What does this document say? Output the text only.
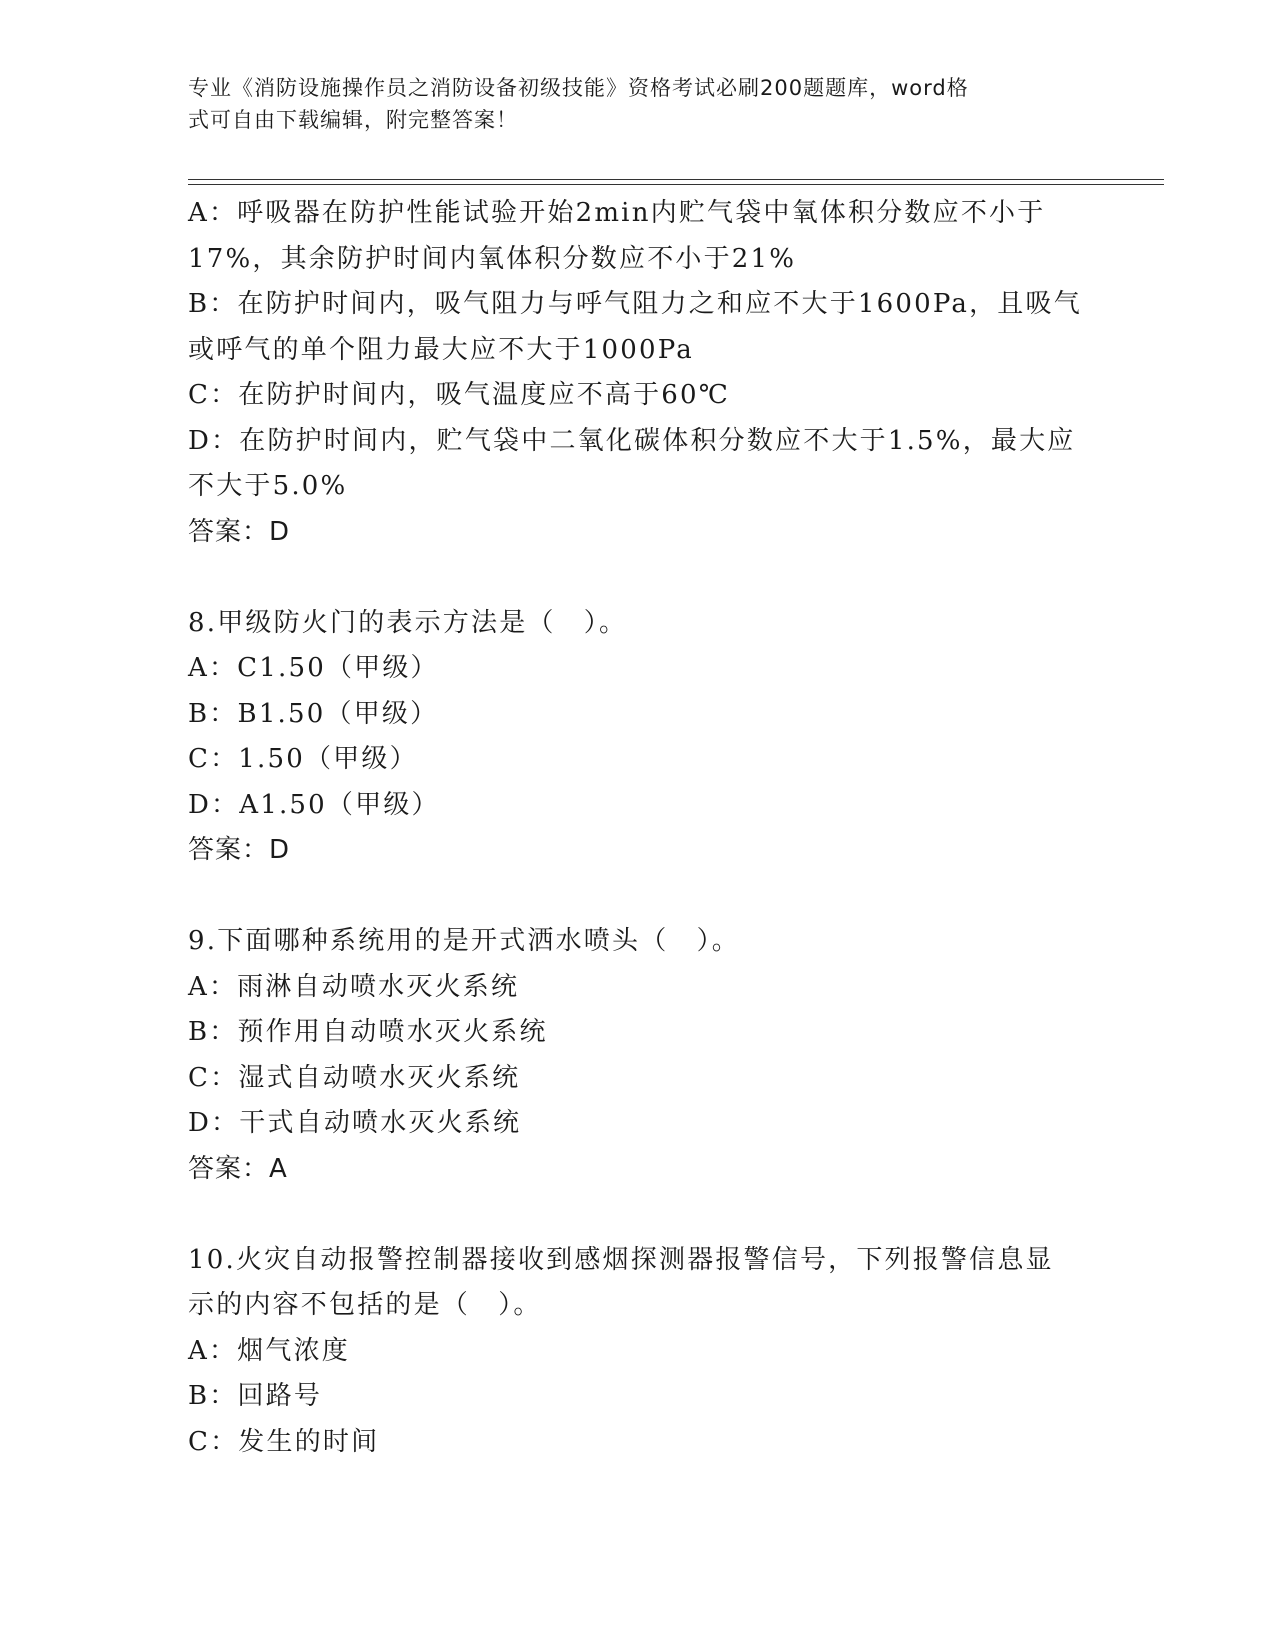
专业《消防设施操作员之消防设备初级技能》资格考试必刷200题题库，word格
式可自由下载编辑，附完整答案！
A：呼吸器在防护性能试验开始2min内贮气袋中氧体积分数应不小于
17%，其余防护时间内氧体积分数应不小于21%
B：在防护时间内，吸气阻力与呼气阻力之和应不大于1600Pa，且吸气
或呼气的单个阻力最大应不大于1000Pa
C：在防护时间内，吸气温度应不高于60℃
D：在防护时间内，贮气袋中二氧化碳体积分数应不大于1.5%，最大应
不大于5.0%
答案：D
8.甲级防火门的表示方法是（　）。
A：C1.50（甲级）
B：B1.50（甲级）
C：1.50（甲级）
D：A1.50（甲级）
答案：D
9.下面哪种系统用的是开式洒水喷头（　）。
A：雨淋自动喷水灭火系统
B：预作用自动喷水灭火系统
C：湿式自动喷水灭火系统
D：干式自动喷水灭火系统
答案：A
10.火灾自动报警控制器接收到感烟探测器报警信号，下列报警信息显
示的内容不包括的是（　）。
A：烟气浓度
B：回路号
C：发生的时间
